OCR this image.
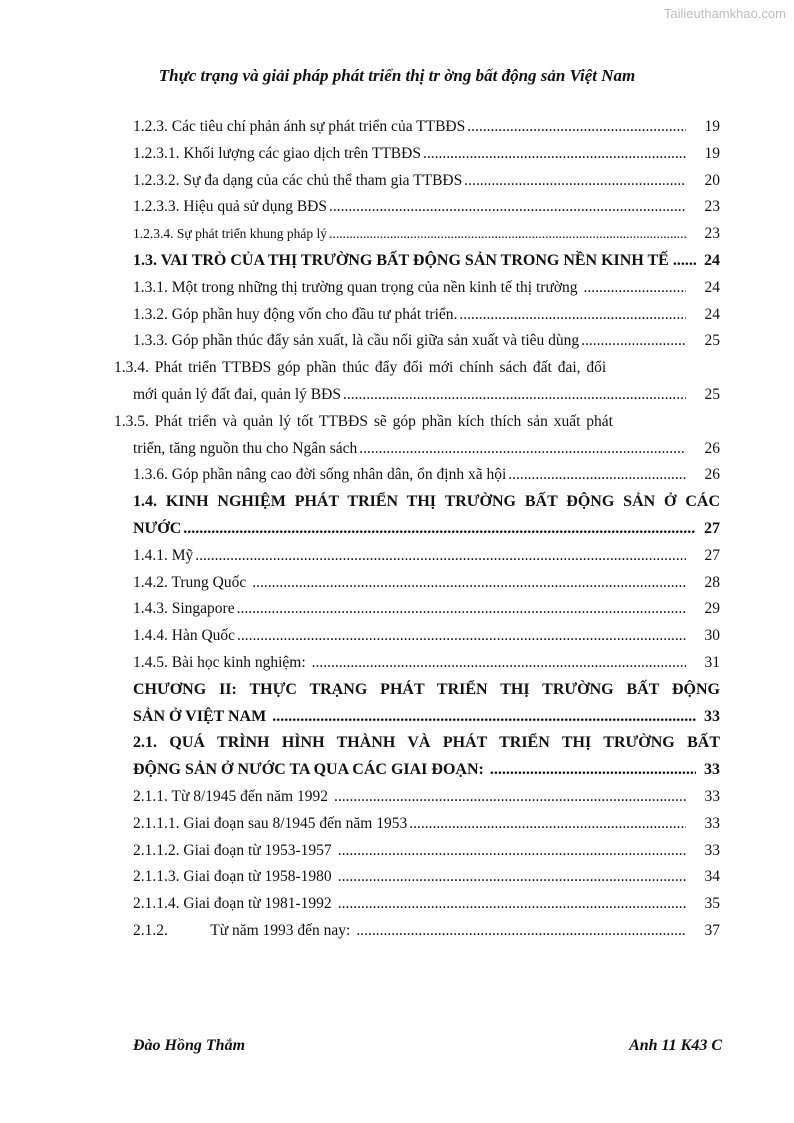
Tailieuthamkhao.com
Thực trạng và giải pháp phát triển thị tr ờng bất động sản Việt Nam
1.2.3. Các tiêu chí phản ánh sự phát triển của TTBĐS .....	19
1.2.3.1. Khối lượng các giao dịch trên TTBĐS .....	19
1.2.3.2. Sự đa dạng của các chủ thể tham gia TTBĐS .....	20
1.2.3.3. Hiệu quả sử dụng BĐS .....	23
1.2.3.4. Sự phát triển khung pháp lý .....	23
1.3. VAI TRÒ CỦA THỊ TRƯỜNG BẤT ĐỘNG SẢN TRONG NỀN KINH TẾ .....	24
1.3.1. Một trong những thị trường quan trọng của nền kinh tế thị trường .....	24
1.3.2. Góp phần huy động vốn cho đầu tư phát triển. .....	24
1.3.3. Góp phần thúc đẩy sản xuất, là cầu nối giữa sản xuất và tiêu dùng .....	25
1.3.4. Phát triển TTBĐS góp phần thúc đẩy đổi mới chính sách đất đai, đổi
mới quản lý đất đai, quản lý BĐS .....	25
1.3.5. Phát triển và quản lý tốt TTBĐS sẽ góp phần kích thích sản xuất phát
triển, tăng nguồn thu cho Ngân sách .....	26
1.3.6. Góp phần nâng cao đời sống nhân dân, ổn định xã hội .....	26
1.4. KINH NGHIỆM PHÁT TRIỂN THỊ TRƯỜNG BẤT ĐỘNG SẢN Ở CÁC
NƯỚC .....	27
1.4.1. Mỹ .....	27
1.4.2. Trung Quốc .....	28
1.4.3. Singapore .....	29
1.4.4. Hàn Quốc .....	30
1.4.5. Bài học kinh nghiệm: .....	31
CHƯƠNG II: THỰC TRẠNG PHÁT TRIỂN THỊ TRƯỜNG BẤT ĐỘNG
SẢN Ở VIỆT NAM .....	33
2.1. QUÁ TRÌNH HÌNH THÀNH VÀ PHÁT TRIỂN THỊ TRƯỜNG BẤT
ĐỘNG SẢN Ở NƯỚC TA QUA CÁC GIAI ĐOẠN: .....	33
2.1.1. Từ 8/1945 đến năm 1992 .....	33
2.1.1.1. Giai đoạn sau 8/1945 đến năm 1953 .....	33
2.1.1.2. Giai đoạn từ 1953-1957 .....	33
2.1.1.3. Giai đoạn từ 1958-1980 .....	34
2.1.1.4. Giai đoạn từ 1981-1992 .....	35
2.1.2.           Từ năm 1993 đến nay: .....	37
Đào Hồng Thắm	Anh 11 K43 C
